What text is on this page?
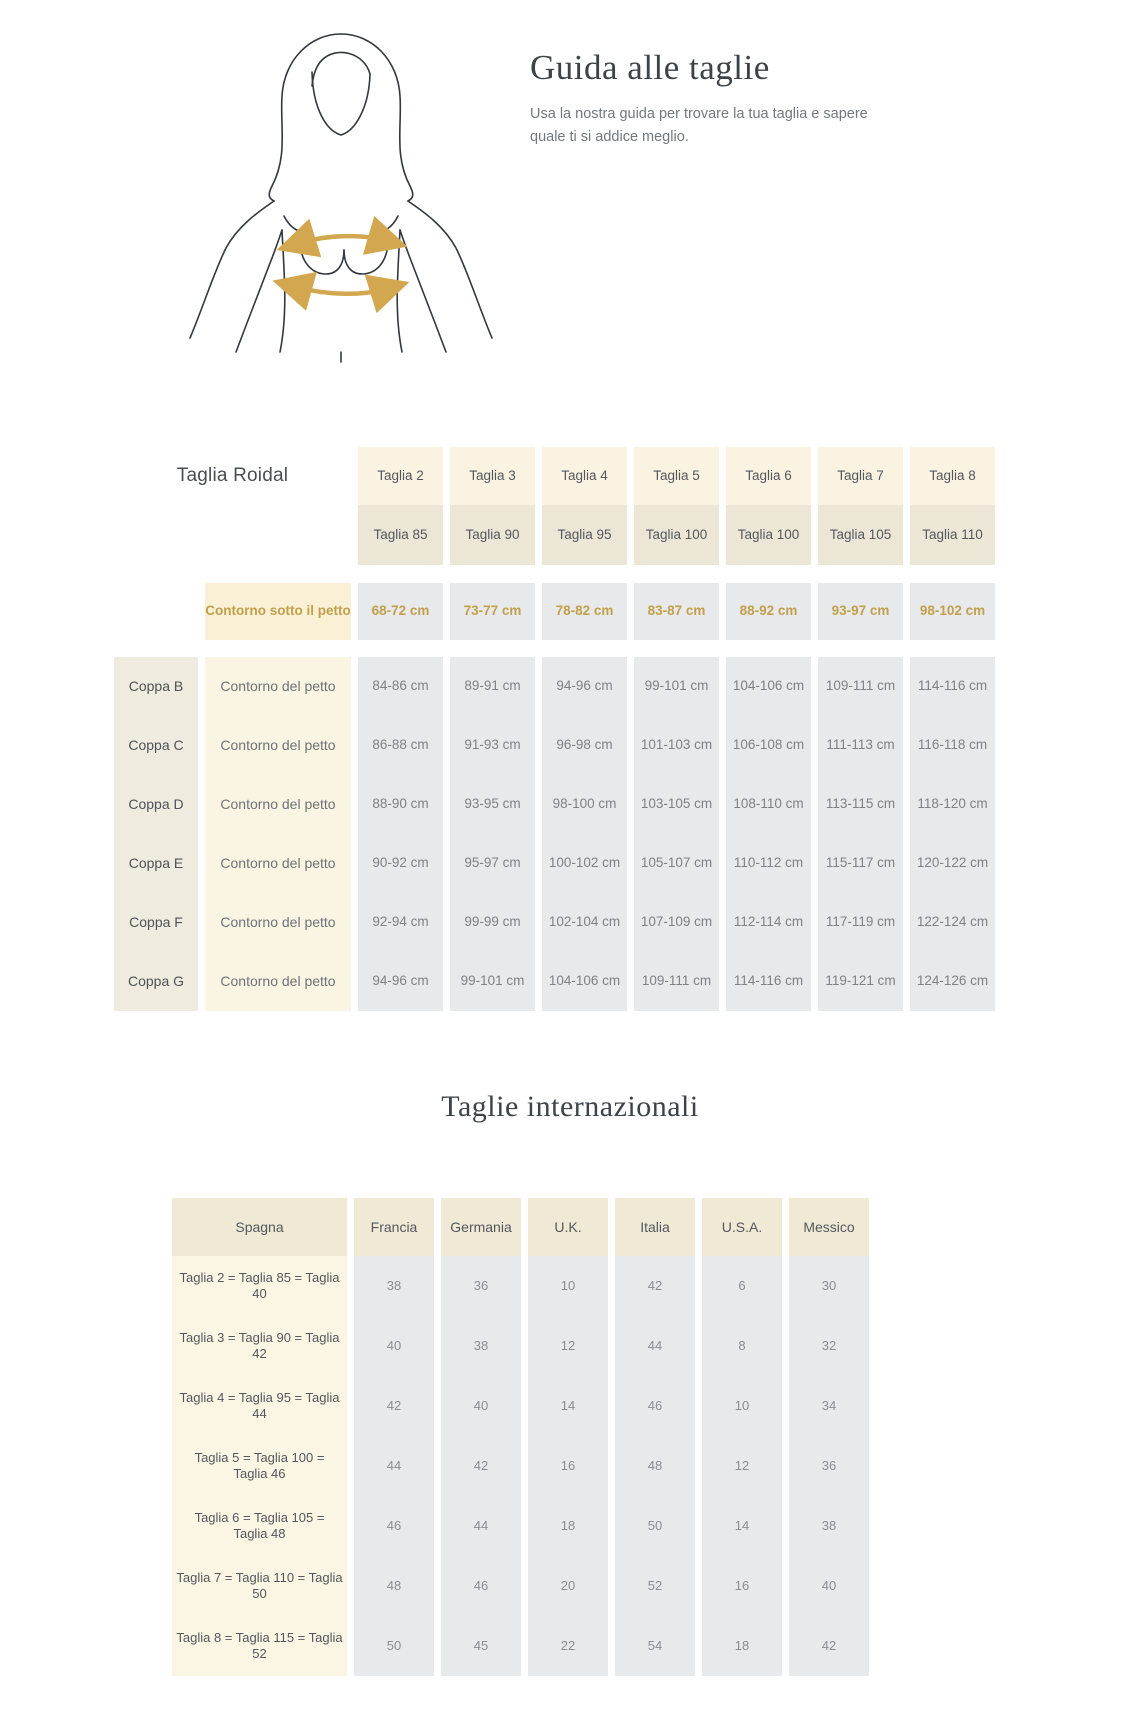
Guida alle taglie
Usa la nostra guida per trovare la tua taglia e sapere quale ti si addice meglio.
Taglia Roidal	Taglia 2	Taglia 3	Taglia 4	Taglia 5	Taglia 6	Taglia 7	Taglia 8
Taglia 85	Taglia 90	Taglia 95	Taglia 100	Taglia 100	Taglia 105	Taglia 110
Contorno sotto il petto	68-72 cm	73-77 cm	78-82 cm	83-87 cm	88-92 cm	93-97 cm	98-102 cm
Coppa B	Contorno del petto	84-86 cm	89-91 cm	94-96 cm	99-101 cm	104-106 cm	109-111 cm	114-116 cm
Coppa C	Contorno del petto	86-88 cm	91-93 cm	96-98 cm	101-103 cm	106-108 cm	111-113 cm	116-118 cm
Coppa D	Contorno del petto	88-90 cm	93-95 cm	98-100 cm	103-105 cm	108-110 cm	113-115 cm	118-120 cm
Coppa E	Contorno del petto	90-92 cm	95-97 cm	100-102 cm	105-107 cm	110-112 cm	115-117 cm	120-122 cm
Coppa F	Contorno del petto	92-94 cm	99-99 cm	102-104 cm	107-109 cm	112-114 cm	117-119 cm	122-124 cm
Coppa G	Contorno del petto	94-96 cm	99-101 cm	104-106 cm	109-111 cm	114-116 cm	119-121 cm	124-126 cm
Taglie internazionali
Spagna	Francia	Germania	U.K.	Italia	U.S.A.	Messico
Taglia 2 = Taglia 85 = Taglia 40
38	36	10	42	6	30
Taglia 3 = Taglia 90 = Taglia 42
40	38	12	44	8	32
Taglia 4 = Taglia 95 = Taglia 44
42	40	14	46	10	34
Taglia 5 = Taglia 100 = Taglia 46
44	42	16	48	12	36
Taglia 6 = Taglia 105 = Taglia 48
46	44	18	50	14	38
Taglia 7 = Taglia 110 = Taglia 50
48	46	20	52	16	40
Taglia 8 = Taglia 115 = Taglia 52
50	45	22	54	18	42
